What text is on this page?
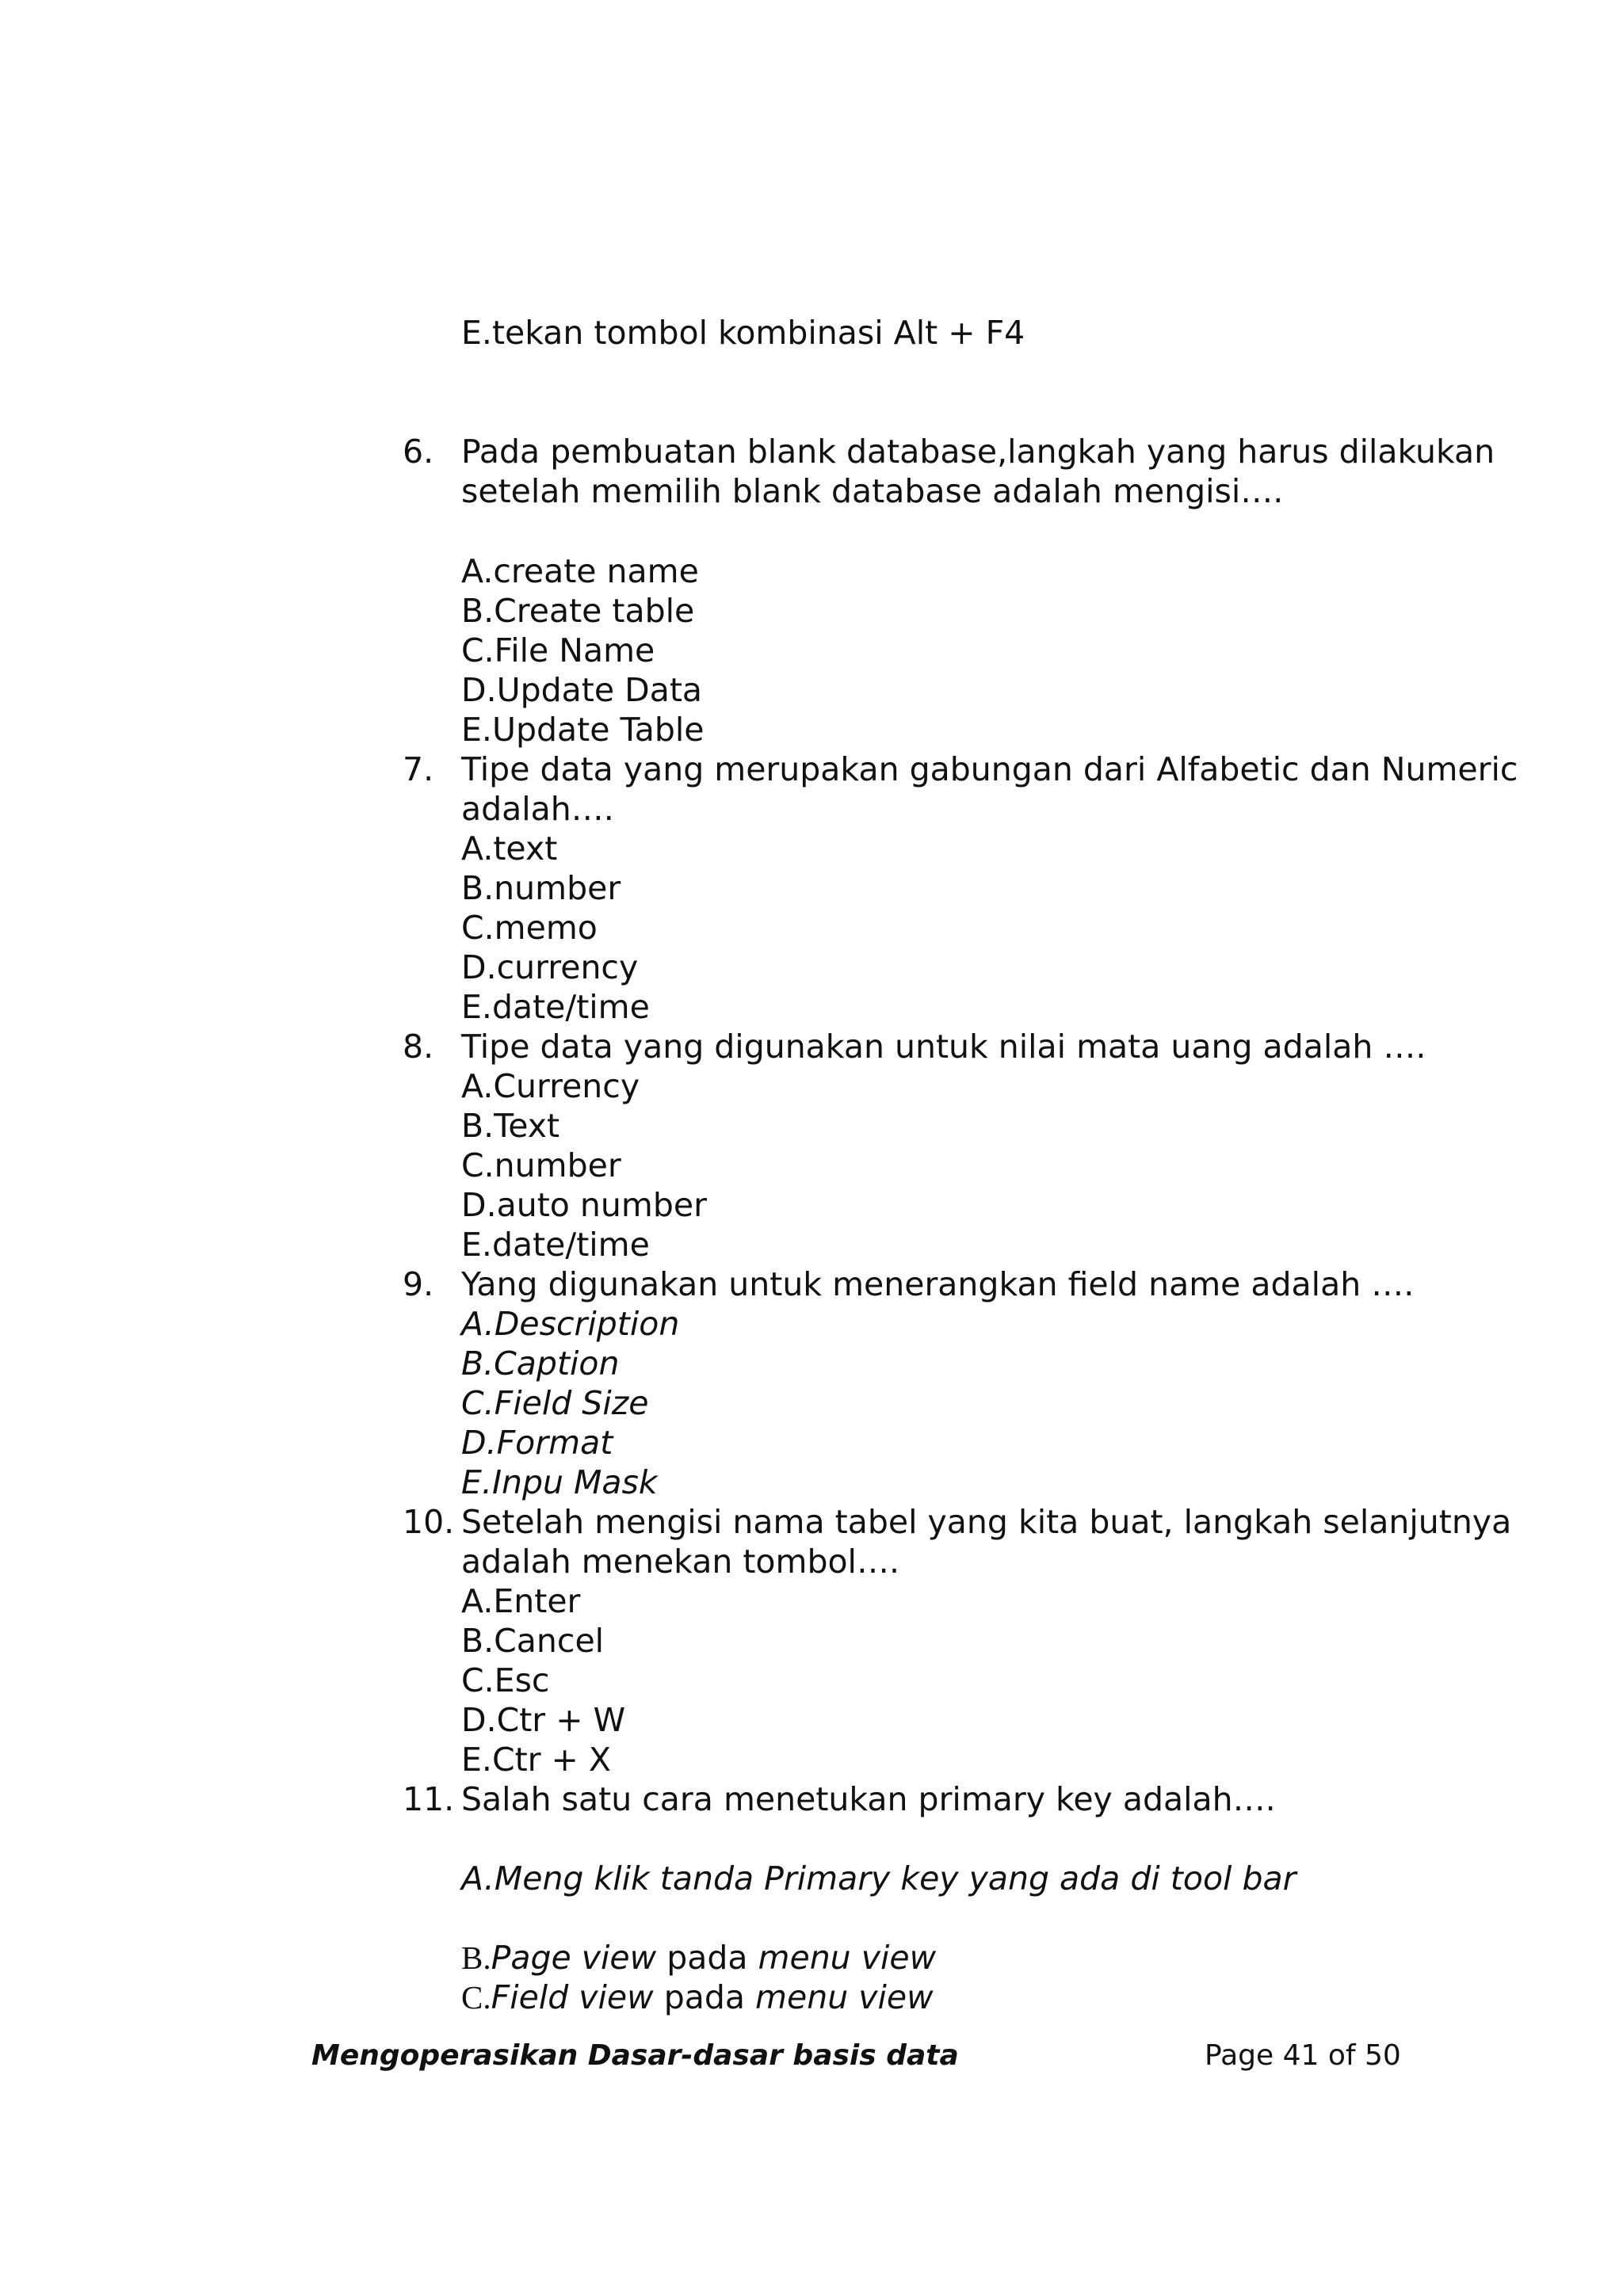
E.tekan tombol kombinasi Alt + F4
6. Pada pembuatan blank database,langkah yang harus dilakukan
setelah memilih blank database adalah mengisi….
A.create name
B.Create table
C.File Name
D.Update Data
E.Update Table
7. Tipe data yang merupakan gabungan dari Alfabetic dan Numeric
adalah….
A.text
B.number
C.memo
D.currency
E.date/time
8. Tipe data yang digunakan untuk nilai mata uang adalah ….
A.Currency
B.Text
C.number
D.auto number
E.date/time
9. Yang digunakan untuk menerangkan field name adalah ….
A.Description
B.Caption
C.Field Size
D.Format
E.Inpu Mask
10. Setelah mengisi nama tabel yang kita buat, langkah selanjutnya
adalah menekan tombol….
A.Enter
B.Cancel
C.Esc
D.Ctr + W
E.Ctr + X
11. Salah satu cara menetukan primary key adalah….
A.Meng klik tanda Primary key yang ada di tool bar
B.Page view pada menu view
C.Field view pada menu view
Mengoperasikan Dasar-dasar basis data	Page 41 of 50
